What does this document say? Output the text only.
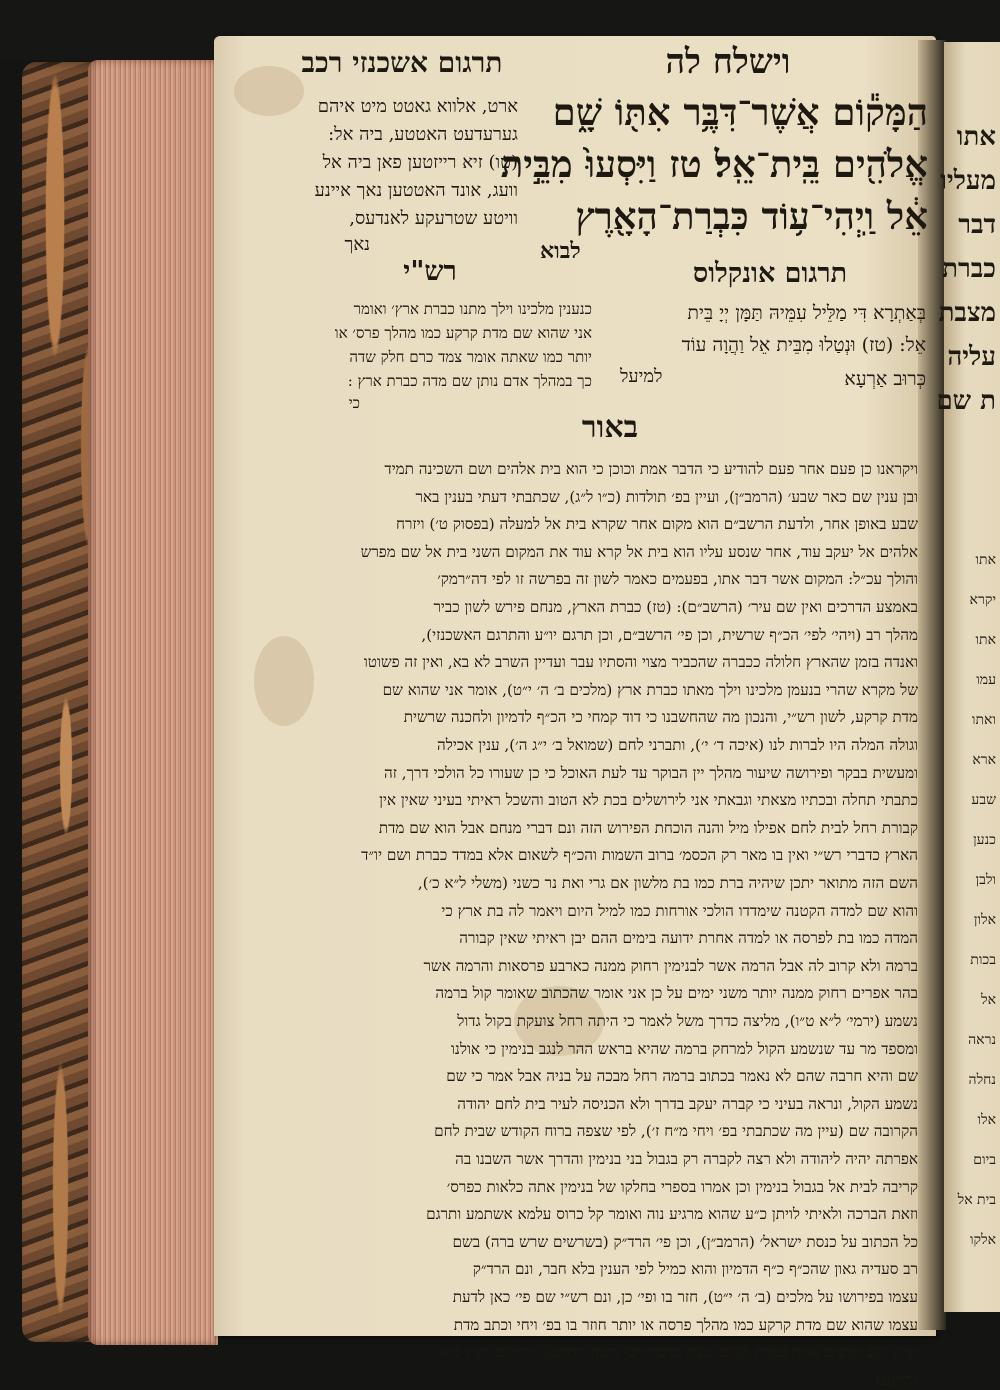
וישלח לה
תרגום אשכנזי רכב
הַמָּק֕וֹם אֲשֶׁר־דִּבֶּ֥ר אִתּ֖וֹ שָׁ֑ם
אֱלֹהִ֖ים בֵּֽית־אֵֽל׃ טז וַיִּסְעוּ֙ מִבֵּ֣ית
אֵ֔ל וַֽיְהִי־ע֥וֹד כִּבְרַת־הָאָ֖רֶץ
לבוא
ארט, אלווא גאטט מיט איהם
גערעדעט האטטע, ביה אל:
(טו) זיא רייזטען פאן ביה אל
וועג, אונד האטטען נאך איינע
וויטע שטרעקע לאנדעס,
נאך
תרגום אונקלוס
רש"י
בְּאַתְרָא דִּי מַלֵּיל עִמֵּיהּ תַּמָּן יְיָ בֵּית
אֵל: (טז) וּנְטַלוּ מִבֵּית אֵל וַהֲוָה עוֹד
כְּרוּב אַרְעָא
למיעל
כנענין מלכינו וילך מתנו כברת ארץ׳ ואומר
אני שהוא שם מדת קרקע כמו מהלך פרס׳ או
יותר כמו שאתה אומר צמד כרם חלק שדה
כך במהלך אדם נותן שם מדה כברת ארץ :
כי
באור
ויקראנו כן פעם אחר פעם להודיע כי הדבר אמת וכוכן כי הוא בית אלהים ושם השכינה תמיד
ובן ענין שם כאר שבע׳ (הרמב״ן), ועיין בפ׳ תולדות (כ״ו ל״ג), שכתבתי דעתי בענין באר
שבע באופן אחר, ולדעת הרשב״ם הוא מקום אחר שקרא בית אל למעלה (בפסוק ט׳) ויזרח
אלהים אל יעקב עוד, אחר שנסע עליו הוא בית אל קרא עוד את המקום השני בית אל שם מפרש
והולך עכ״ל: המקום אשר דבר אתו, בפעמים כאמר לשון זה בפרשה זו לפי דה״רמק׳
באמצע הדרכים ואין שם עיר׳ (הרשב״ם): (טז) כברת הארץ, מנחם פירש לשון כביר
מהלך רב (ויהי׳ לפי׳ הכ״ף שרשית, וכן פי׳ הרשב״ם, וכן תרגם יו״ע והתרגם האשכנזי),
ואנדה בזמן שהארץ חלולה ככברה שהכביר מצוי והסתיו עבר ועדיין השרב לא בא, ואין זה פשוטו
של מקרא שהרי בנעמן מלכינו וילך מאתו כברת ארץ (מלכים ב׳ ה׳ י״ט), אומר אני שהוא שם
מדת קרקע, לשון רש״י, והנכון מה שהחשבנו כי דוד קמחי כי הכ״ף לדמיון ולחכנה שרשית
וגולה המלה היו לברות לנו (איכה ד׳ י׳), ותברני לחם (שמואל ב׳ י״ג ה׳), ענין אכילה
ומעשית בבקר ופירושה שיעור מהלך יין הבוקר עד לעת האוכל כי כן שעורו כל הולכי דרך, זה
כתבתי תחלה ובכתיו מצאתי וגבאתי אני לירושלים בכת לא הטוב והשכל ראיתי בעיני שאין אין
קבורת רחל לבית לחם אפילו מיל והנה הוכחת הפירוש הזה ונם דברי מנחם אבל הוא שם מדת
הארץ כדברי רש״י ואין בו מאר רק הכסמ׳ ברוב השמות והכ״ף לשאום אלא במדד כברת ושם יו״ד
השם הזה מתואר יתכן שיהיה ברת כמו בת מלשון אם גרי ואת נר כשני (משלי ל״א כ׳),
והוא שם למדה הקטנה שימדדו הולכי אורחות כמו למיל היום ויאמר לה בת ארץ כי
המדה כמו בת לפרסה או למדה אחרת ידועה בימים ההם יבן ראיתי שאין קבורה
ברמה ולא קרוב לה אבל הרמה אשר לבנימין רחוק ממנה כארבע פרסאות והרמה אשר
בהר אפרים רחוק ממנה יותר משני ימים על כן אני אומר שהכתוב שאומר קול ברמה
נשמע (ירמי׳ ל״א ט״ו), מליצה כדרך משל לאמר כי היתה רחל צועקת בקול גדול
ומספד מר עד שנשמע הקול למרחק ברמה שהיא בראש ההר לנגב בנימין כי אולנו
שם והיא חרבה שהם לא נאמר בכתוב ברמה רחל מבכה על בניה אבל אמר כי שם
נשמע הקול, ונראה בעיני כי קברה יעקב בדרך ולא הכניסה לעיר בית לחם יהודה
הקרובה שם (עיין מה שכתבתי בפ׳ ויחי מ״ח ז׳), לפי שצפה ברוח הקודש שבית לחם
אפרתה יהיה ליהודה ולא רצה לקברה רק בגבול בני בנימין והדרך אשר השבנו בה
קריבה לבית אל בגבול בנימין וכן אמרו בספרי בחלקו של בנימין אתה כלאות כפרס׳
וזאת הברכה ולאיתי לויתן כ״ע שהוא מרגיע נוה ואומר קל כרוס עלמא אשתמע ותרגם
כל הכתוב על כנסת ישראל׳ (הרמב״ן), וכן פי׳ הרד״ק (בשרשים שרש ברה) בשם
רב סעדיה גאון שהכ״ף כ״ף הדמיון והוא כמיל לפי הענין בלא חבר, ונם הרד״ק
עצמו בפירושו על מלכים (ב׳ ה׳ י״ט), חזר בו ופי׳ כן, ונם רש״י שם פי׳ כאן לדעת
עצמו שהוא שם מדת קרקע כמו מהלך פרסה או יותר חוזר בו בפ׳ ויחי וכתב מדת
ארץ והם אלפים אמה כמדת תחום שבת כדברי רבי משה הדרשן, ויתורגם לפ״ן כ״א
(חיינע)
אתו
מעליו
דבר
כברת
מצבת
עליה
ת שם
אתו
יקרא
אתו
עמו
ואתו
ארא
שבע
כנען
ולבן
אלון
בכות
אל
נראה
נחלה
אלו
ביום
בית אל
אלקו
